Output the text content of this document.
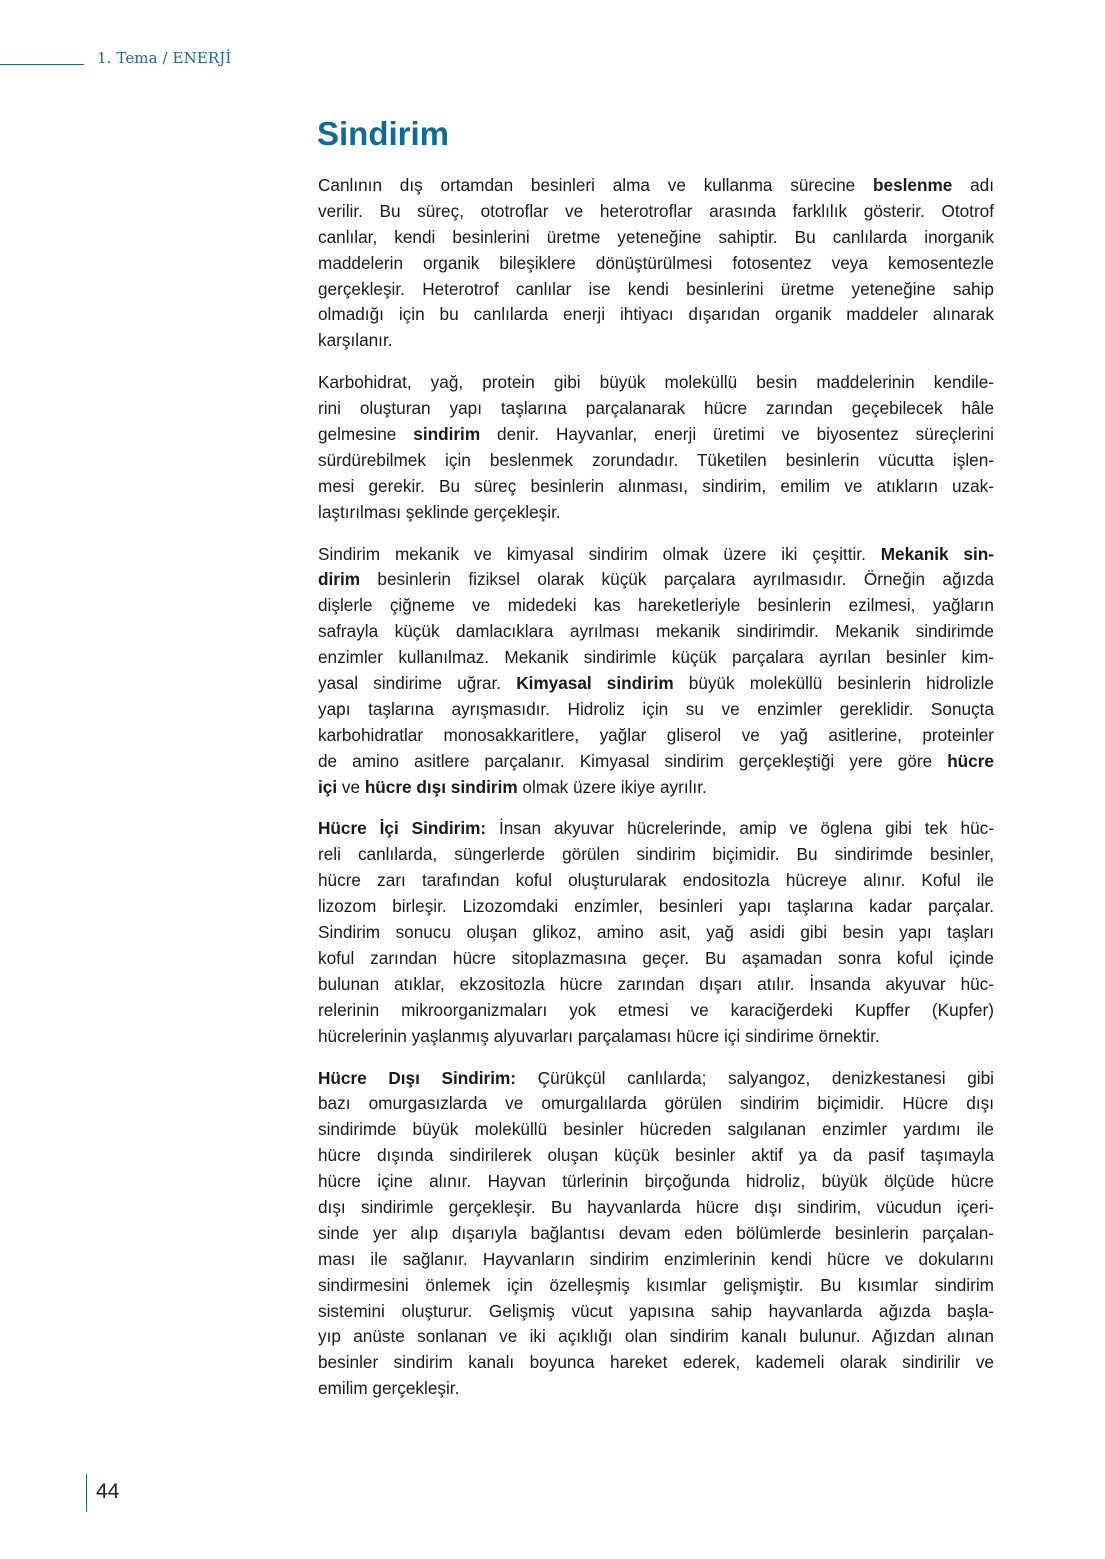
1. Tema / ENERJİ
Sindirim

Canlının dış ortamdan besinleri alma ve kullanma sürecine beslenme adı
verilir. Bu süreç, ototroflar ve heterotroflar arasında farklılık gösterir. Ototrof
canlılar, kendi besinlerini üretme yeteneğine sahiptir. Bu canlılarda inorganik
maddelerin organik bileşiklere dönüştürülmesi fotosentez veya kemosentezle
gerçekleşir. Heterotrof canlılar ise kendi besinlerini üretme yeteneğine sahip
olmadığı için bu canlılarda enerji ihtiyacı dışarıdan organik maddeler alınarak
karşılanır.

Karbohidrat, yağ, protein gibi büyük moleküllü besin maddelerinin kendile-
rini oluşturan yapı taşlarına parçalanarak hücre zarından geçebilecek hâle
gelmesine sindirim denir. Hayvanlar, enerji üretimi ve biyosentez süreçlerini
sürdürebilmek için beslenmek zorundadır. Tüketilen besinlerin vücutta işlen-
mesi gerekir. Bu süreç besinlerin alınması, sindirim, emilim ve atıkların uzak-
laştırılması şeklinde gerçekleşir.

Sindirim mekanik ve kimyasal sindirim olmak üzere iki çeşittir. Mekanik sin-
dirim besinlerin fiziksel olarak küçük parçalara ayrılmasıdır. Örneğin ağızda
dişlerle çiğneme ve midedeki kas hareketleriyle besinlerin ezilmesi, yağların
safrayla küçük damlacıklara ayrılması mekanik sindirimdir. Mekanik sindirimde
enzimler kullanılmaz. Mekanik sindirimle küçük parçalara ayrılan besinler kim-
yasal sindirime uğrar. Kimyasal sindirim büyük moleküllü besinlerin hidrolizle
yapı taşlarına ayrışmasıdır. Hidroliz için su ve enzimler gereklidir. Sonuçta
karbohidratlar monosakkaritlere, yağlar gliserol ve yağ asitlerine, proteinler
de amino asitlere parçalanır. Kimyasal sindirim gerçekleştiği yere göre hücre
içi ve hücre dışı sindirim olmak üzere ikiye ayrılır.

Hücre İçi Sindirim: İnsan akyuvar hücrelerinde, amip ve öglena gibi tek hüc-
reli canlılarda, süngerlerde görülen sindirim biçimidir. Bu sindirimde besinler,
hücre zarı tarafından koful oluşturularak endositozla hücreye alınır. Koful ile
lizozom birleşir. Lizozomdaki enzimler, besinleri yapı taşlarına kadar parçalar.
Sindirim sonucu oluşan glikoz, amino asit, yağ asidi gibi besin yapı taşları
koful zarından hücre sitoplazmasına geçer. Bu aşamadan sonra koful içinde
bulunan atıklar, ekzositozla hücre zarından dışarı atılır. İnsanda akyuvar hüc-
relerinin mikroorganizmaları yok etmesi ve karaciğerdeki Kupffer (Kupfer)
hücrelerinin yaşlanmış alyuvarları parçalaması hücre içi sindirime örnektir.

Hücre Dışı Sindirim: Çürükçül canlılarda; salyangoz, denizkestanesi gibi
bazı omurgasızlarda ve omurgalılarda görülen sindirim biçimidir. Hücre dışı
sindirimde büyük moleküllü besinler hücreden salgılanan enzimler yardımı ile
hücre dışında sindirilerek oluşan küçük besinler aktif ya da pasif taşımayla
hücre içine alınır. Hayvan türlerinin birçoğunda hidroliz, büyük ölçüde hücre
dışı sindirimle gerçekleşir. Bu hayvanlarda hücre dışı sindirim, vücudun içeri-
sinde yer alıp dışarıyla bağlantısı devam eden bölümlerde besinlerin parçalan-
ması ile sağlanır. Hayvanların sindirim enzimlerinin kendi hücre ve dokularını
sindirmesini önlemek için özelleşmiş kısımlar gelişmiştir. Bu kısımlar sindirim
sistemini oluşturur. Gelişmiş vücut yapısına sahip hayvanlarda ağızda başla-
yıp anüste sonlanan ve iki açıklığı olan sindirim kanalı bulunur. Ağızdan alınan
besinler sindirim kanalı boyunca hareket ederek, kademeli olarak sindirilir ve
emilim gerçekleşir.

44
